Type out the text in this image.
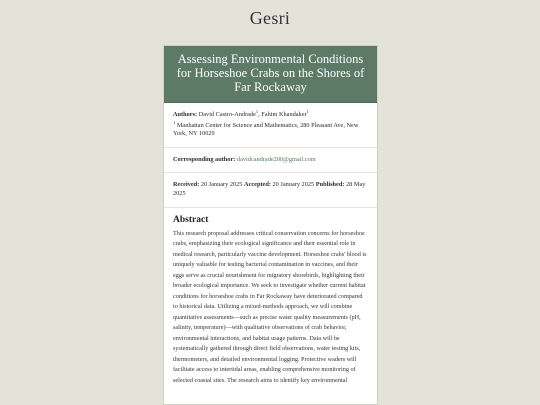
Gesri
Assessing Environmental Conditions for Horseshoe Crabs on the Shores of Far Rockaway
Authors: David Castro-Andrade$^1$, Fahim Khandaker$^1$
$^1$ Manhattan Center for Science and Mathematics, 280 Pleasant Ave, New York, NY 10029
Corresponding author: davidcandrade200@gmail.com
Received: 20 January 2025 Accepted: 20 January 2025 Published: 28 May 2025
Abstract
This research proposal addresses critical conservation concerns for horseshoe crabs, emphasizing their ecological significance and their essential role in medical research, particularly vaccine development. Horseshoe crabs' blood is uniquely valuable for testing bacterial contamination in vaccines, and their eggs serve as crucial nourishment for migratory shorebirds, highlighting their broader ecological importance. We seek to investigate whether current habitat conditions for horseshoe crabs in Far Rockaway have deteriorated compared to historical data. Utilizing a mixed-methods approach, we will combine quantitative assessments—such as precise water quality measurements (pH, salinity, temperature)—with qualitative observations of crab behavior, environmental interactions, and habitat usage patterns. Data will be systematically gathered through direct field observations, water testing kits, thermometers, and detailed environmental logging. Protective waders will facilitate access to intertidal areas, enabling comprehensive monitoring of selected coastal sites. The research aims to identify key environmental
